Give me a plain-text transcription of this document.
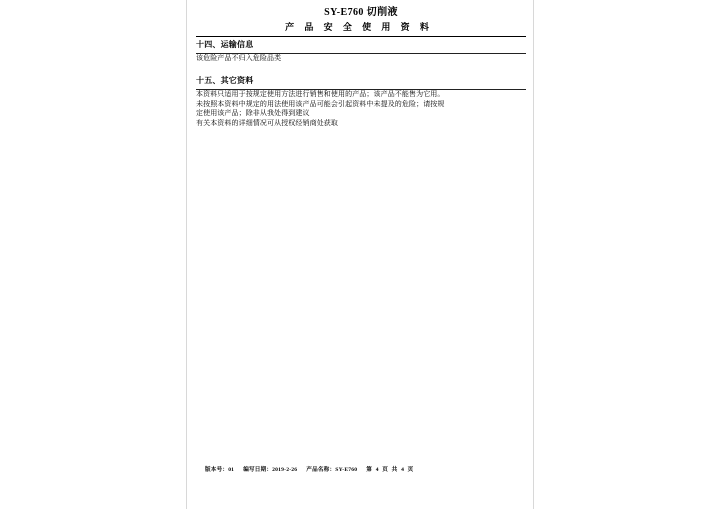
SY-E760 切削液
产 品 安 全 使 用 资 料
十四、运输信息

该危险产品不归入危险品类

十五、其它资料

本资料只适用于按规定使用方法进行销售和使用的产品；该产品不能售为它用。

未按照本资料中规定的用法使用该产品可能会引起资料中未提及的危险；请按规

定使用该产品；除非从我处得到建议

有关本资料的详细情况可从授权经销商处获取

版本号：01 编写日期：2019-2-26 产品名称：SY-E760 第 4 页 共 4 页
